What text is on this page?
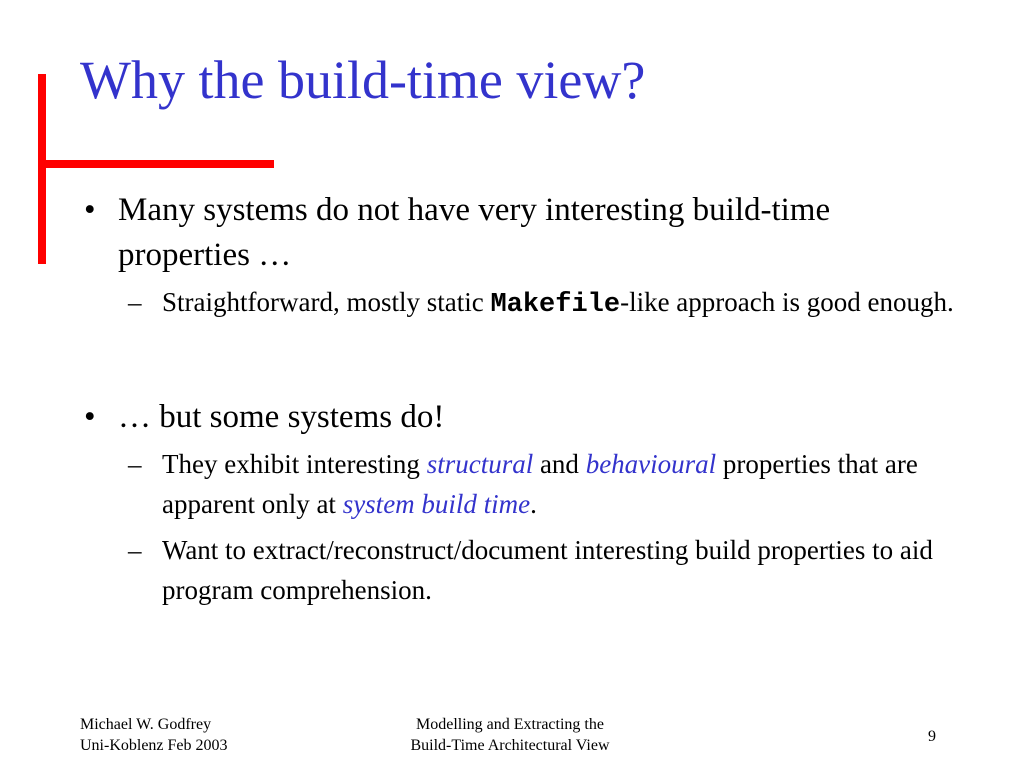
Why the build-time view?
• Many systems do not have very interesting build-time properties …
– Straightforward, mostly static Makefile-like approach is good enough.
• … but some systems do!
– They exhibit interesting structural and behavioural properties that are apparent only at system build time.
– Want to extract/reconstruct/document interesting build properties to aid program comprehension.
Michael W. Godfrey
Uni-Koblenz Feb 2003
Modelling and Extracting the
Build-Time Architectural View
9
